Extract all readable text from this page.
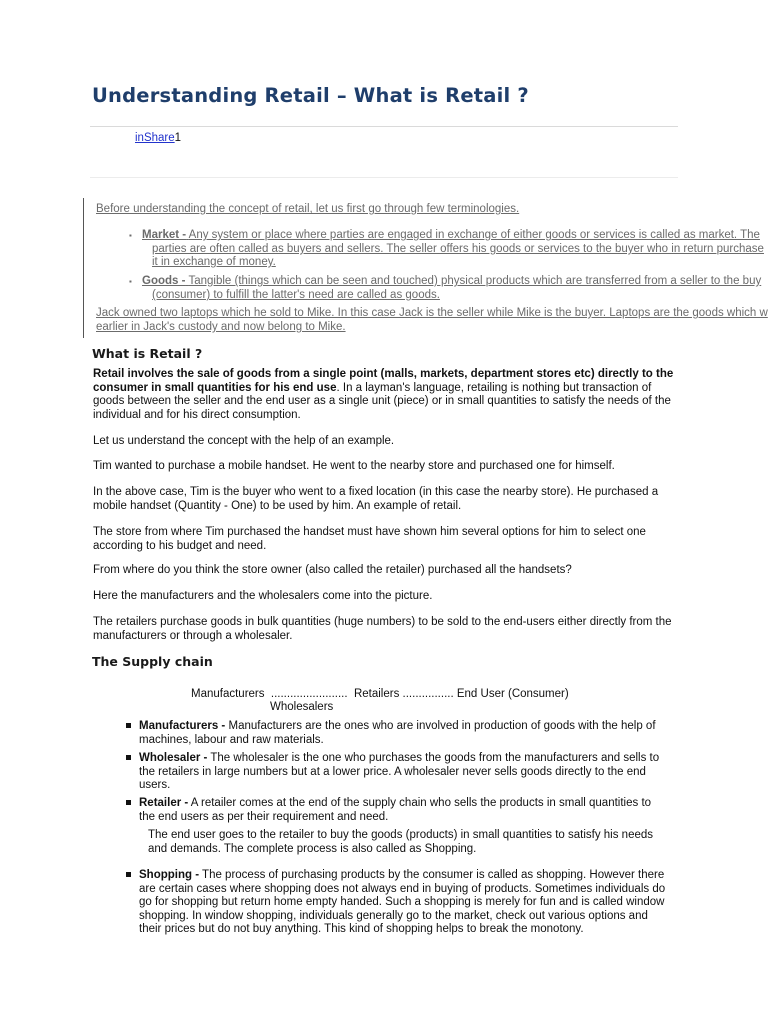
Understanding Retail – What is Retail ?
inShare1
Before understanding the concept of retail, let us first go through few terminologies.
▪ Market - Any system or place where parties are engaged in exchange of either goods or services is called as market. The
parties are often called as buyers and sellers. The seller offers his goods or services to the buyer who in return purchase
it in exchange of money.
▪ Goods - Tangible (things which can be seen and touched) physical products which are transferred from a seller to the buy
(consumer) to fulfill the latter's need are called as goods.
Jack owned two laptops which he sold to Mike. In this case Jack is the seller while Mike is the buyer. Laptops are the goods which w
earlier in Jack's custody and now belong to Mike.
What is Retail ?
Retail involves the sale of goods from a single point (malls, markets, department stores etc) directly to the consumer in small quantities for his end use. In a layman's language, retailing is nothing but transaction of goods between the seller and the end user as a single unit (piece) or in small quantities to satisfy the needs of the individual and for his direct consumption.
Let us understand the concept with the help of an example.
Tim wanted to purchase a mobile handset. He went to the nearby store and purchased one for himself.
In the above case, Tim is the buyer who went to a fixed location (in this case the nearby store). He purchased a mobile handset (Quantity - One) to be used by him. An example of retail.
The store from where Tim purchased the handset must have shown him several options for him to select one according to his budget and need.
From where do you think the store owner (also called the retailer) purchased all the handsets?
Here the manufacturers and the wholesalers come into the picture.
The retailers purchase goods in bulk quantities (huge numbers) to be sold to the end-users either directly from the manufacturers or through a wholesaler.
The Supply chain
Manufacturers  ........................  Retailers ................ End User (Consumer)
Wholesalers
Manufacturers - Manufacturers are the ones who are involved in production of goods with the help of machines, labour and raw materials.
Wholesaler - The wholesaler is the one who purchases the goods from the manufacturers and sells to the retailers in large numbers but at a lower price. A wholesaler never sells goods directly to the end users.
Retailer - A retailer comes at the end of the supply chain who sells the products in small quantities to the end users as per their requirement and need.
The end user goes to the retailer to buy the goods (products) in small quantities to satisfy his needs and demands. The complete process is also called as Shopping.
Shopping - The process of purchasing products by the consumer is called as shopping. However there are certain cases where shopping does not always end in buying of products. Sometimes individuals do go for shopping but return home empty handed. Such a shopping is merely for fun and is called window shopping. In window shopping, individuals generally go to the market, check out various options and their prices but do not buy anything. This kind of shopping helps to break the monotony.
